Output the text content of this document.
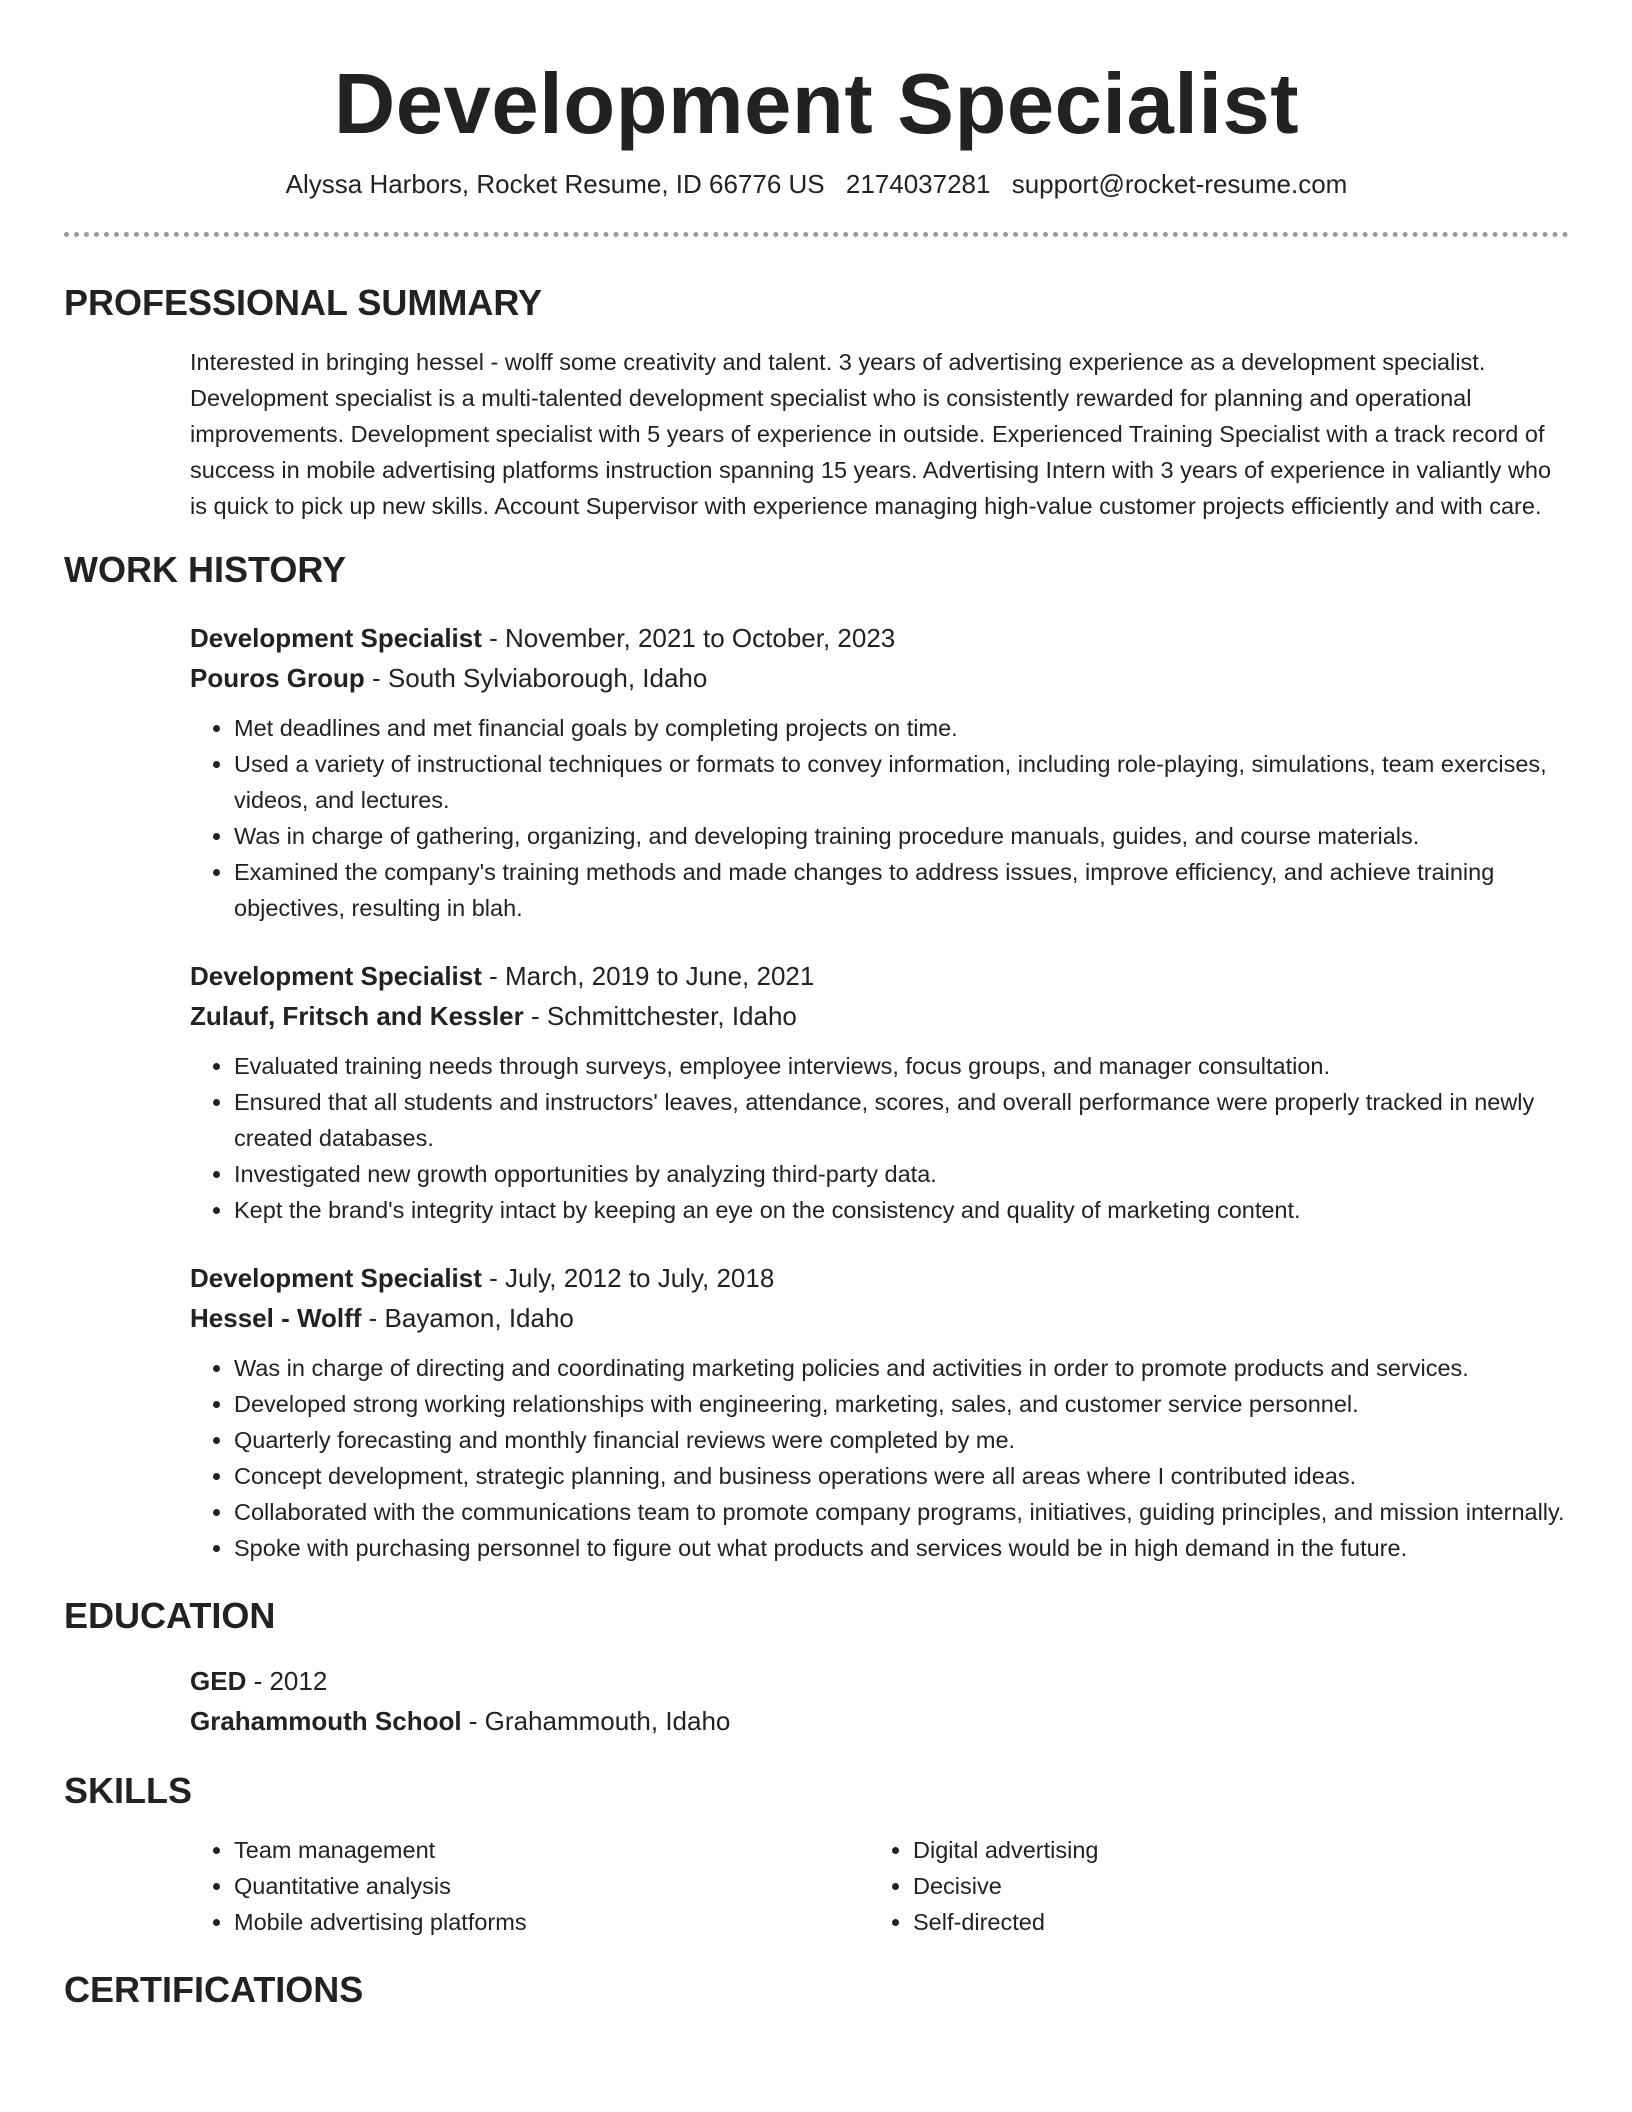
Development Specialist
Alyssa Harbors, Rocket Resume, ID 66776 US 2174037281 support@rocket-resume.com
PROFESSIONAL SUMMARY
Interested in bringing hessel - wolff some creativity and talent. 3 years of advertising experience as a development specialist. Development specialist is a multi-talented development specialist who is consistently rewarded for planning and operational improvements. Development specialist with 5 years of experience in outside. Experienced Training Specialist with a track record of success in mobile advertising platforms instruction spanning 15 years. Advertising Intern with 3 years of experience in valiantly who is quick to pick up new skills. Account Supervisor with experience managing high-value customer projects efficiently and with care.
WORK HISTORY
Development Specialist - November, 2021 to October, 2023
Pouros Group - South Sylviaborough, Idaho
• Met deadlines and met financial goals by completing projects on time.
• Used a variety of instructional techniques or formats to convey information, including role-playing, simulations, team exercises, videos, and lectures.
• Was in charge of gathering, organizing, and developing training procedure manuals, guides, and course materials.
• Examined the company's training methods and made changes to address issues, improve efficiency, and achieve training objectives, resulting in blah.
Development Specialist - March, 2019 to June, 2021
Zulauf, Fritsch and Kessler - Schmittchester, Idaho
• Evaluated training needs through surveys, employee interviews, focus groups, and manager consultation.
• Ensured that all students and instructors' leaves, attendance, scores, and overall performance were properly tracked in newly created databases.
• Investigated new growth opportunities by analyzing third-party data.
• Kept the brand's integrity intact by keeping an eye on the consistency and quality of marketing content.
Development Specialist - July, 2012 to July, 2018
Hessel - Wolff - Bayamon, Idaho
• Was in charge of directing and coordinating marketing policies and activities in order to promote products and services.
• Developed strong working relationships with engineering, marketing, sales, and customer service personnel.
• Quarterly forecasting and monthly financial reviews were completed by me.
• Concept development, strategic planning, and business operations were all areas where I contributed ideas.
• Collaborated with the communications team to promote company programs, initiatives, guiding principles, and mission internally.
• Spoke with purchasing personnel to figure out what products and services would be in high demand in the future.
EDUCATION
GED - 2012
Grahammouth School - Grahammouth, Idaho
SKILLS
• Team management
• Quantitative analysis
• Mobile advertising platforms
• Digital advertising
• Decisive
• Self-directed
CERTIFICATIONS
